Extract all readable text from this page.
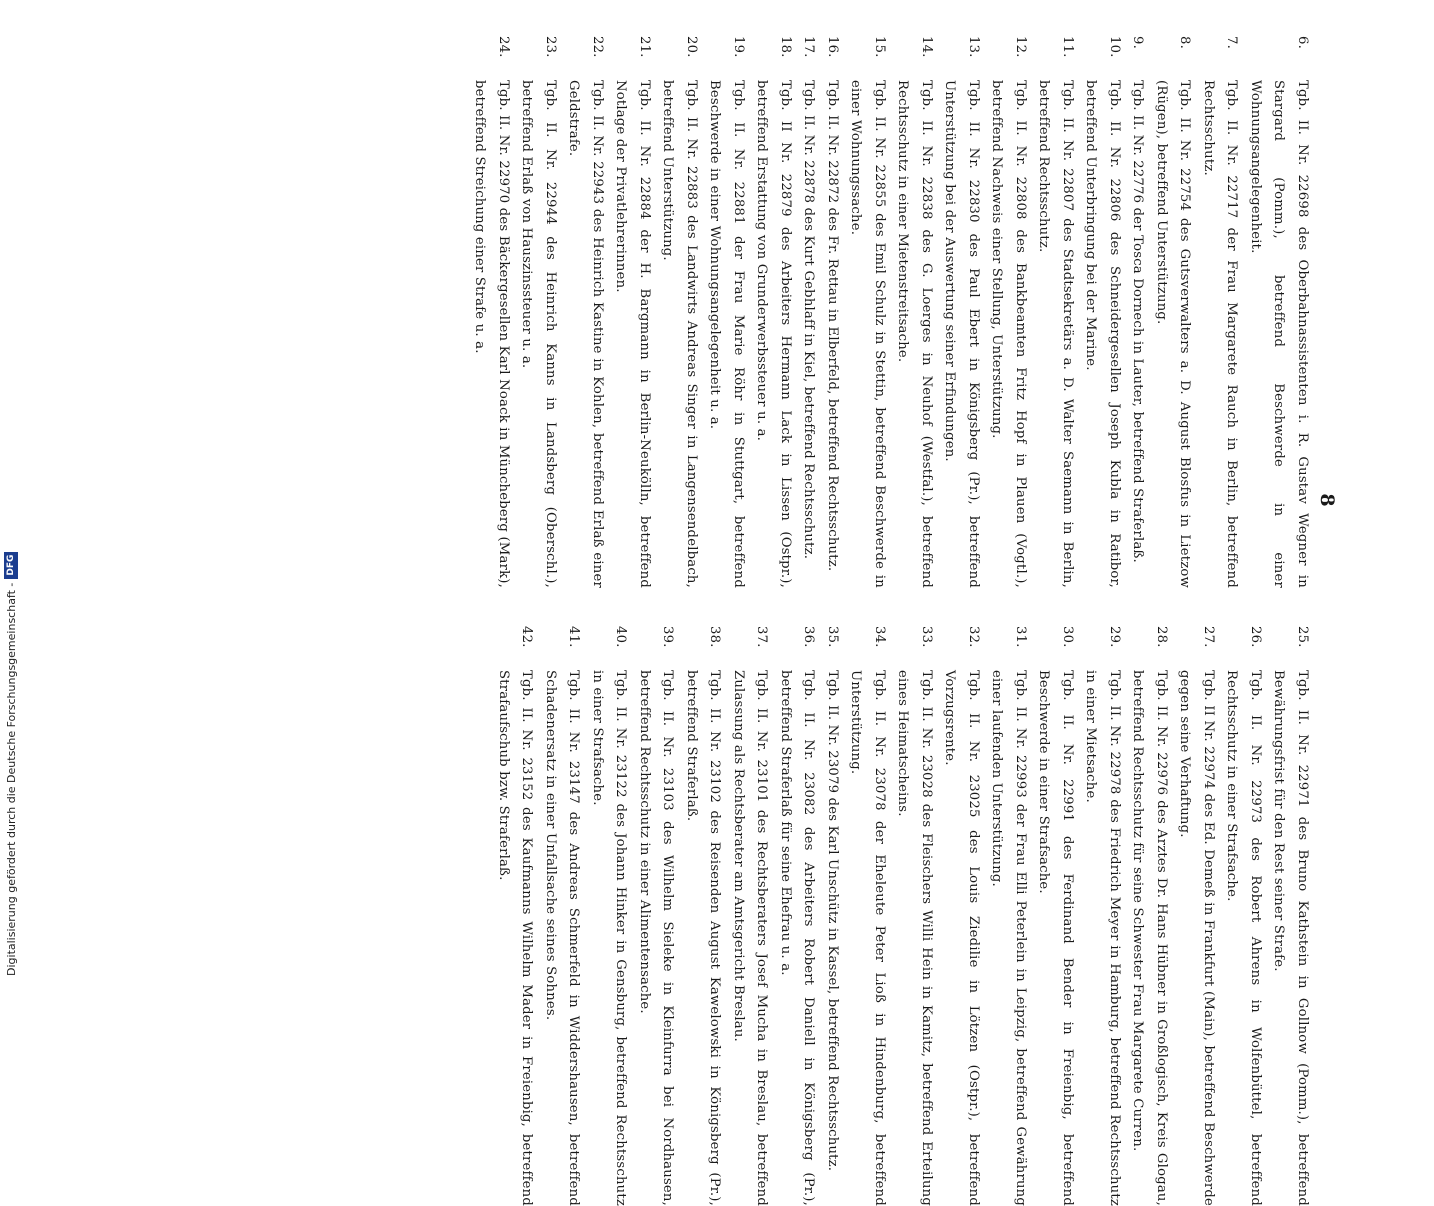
8
6.
Tgb. II. Nr. 22698 des Oberbahnassistenten i. R. Gustav Wegner in Stargard (Pomm.), betreffend Beschwerde in einer Wohnungsangelegenheit.
7.
Tgb. II. Nr. 22717 der Frau Margarete Rauch in Berlin, betreffend Rechtsschutz.
8.
Tgb. II. Nr. 22754 des Gutsverwalters a. D. August Blosfus in Lietzow (Rügen), betreffend Unterstützung.
9.
Tgb. II. Nr. 22776 der Tosca Dornech in Lauter, betreffend Straferlaß.
10.
Tgb. II. Nr. 22806 des Schneidergesellen Joseph Kubla in Ratibor, betreffend Unterbringung bei der Marine.
11.
Tgb. II. Nr. 22807 des Stadtsekretärs a. D. Walter Saemann in Berlin, betreffend Rechtsschutz.
12.
Tgb. II. Nr. 22808 des Bankbeamten Fritz Hopf in Plauen (Vogtl.), betreffend Nachweis einer Stellung, Unterstützung.
13.
Tgb. II. Nr. 22830 des Paul Ebert in Königsberg (Pr.), betreffend Unterstützung bei der Auswertung seiner Erfindungen.
14.
Tgb. II. Nr. 22838 des G. Loerges in Neuhof (Westfal.), betreffend Rechtsschutz in einer Mietenstreitsache.
15.
Tgb. II. Nr. 22855 des Emil Schulz in Stettin, betreffend Beschwerde in einer Wohnungssache.
16.
Tgb. II. Nr. 22872 des Fr. Rettau in Elberfeld, betreffend Rechtsschutz.
17.
Tgb. II. Nr. 22878 des Kurt Gebhlaff in Kiel, betreffend Rechtsschutz.
18.
Tgb. II Nr. 22879 des Arbeiters Hermann Lack in Lissen (Ostpr.), betreffend Erstattung von Grunderwerbssteuer u. a.
19.
Tgb. II. Nr. 22881 der Frau Marie Röhr in Stuttgart, betreffend Beschwerde in einer Wohnungsangelegenheit u. a.
20.
Tgb. II. Nr. 22883 des Landwirts Andreas Singer in Langensendelbach, betreffend Unterstützung.
21.
Tgb. II. Nr. 22884 der H. Bargmann in Berlin-Neukölln, betreffend Notlage der Privatlehrerinnen.
22.
Tgb. II. Nr. 22943 des Heinrich Kastine in Kohlen, betreffend Erlaß einer Geldstrafe.
23.
Tgb. II. Nr. 22944 des Heinrich Kanns in Landsberg (Oberschl.), betreffend Erlaß von Hauszinssteuer u. a.
24.
Tgb. II. Nr. 22970 des Bäckergesellen Karl Noack in Müncheberg (Mark), betreffend Streichung einer Strafe u. a.
25.
Tgb. II. Nr. 22971 des Bruno Kathstein in Gollnow (Pomm.), betreffend Bewährungsfrist für den Rest seiner Strafe.
26.
Tgb. II. Nr. 22973 des Robert Ahrens in Wolfenbüttel, betreffend Rechtsschutz in einer Strafsache.
27.
Tgb. II Nr. 22974 des Ed. Demeß in Frankfurt (Main), betreffend Beschwerde gegen seine Verhaftung.
28.
Tgb. II. Nr. 22976 des Arztes Dr. Hans Hübner in Großlogisch, Kreis Glogau, betreffend Rechtsschutz für seine Schwester Frau Margarete Curren.
29.
Tgb. II. Nr. 22978 des Friedrich Meyer in Hamburg, betreffend Rechtsschutz in einer Mietsache.
30.
Tgb. II. Nr. 22991 des Ferdinand Bender in Freienbig, betreffend Beschwerde in einer Strafsache.
31.
Tgb. II. Nr. 22993 der Frau Elli Peterlein in Leipzig, betreffend Gewährung einer laufenden Unterstützung.
32.
Tgb. II. Nr. 23025 des Louis Ziedilie in Lötzen (Ostpr.), betreffend Vorzugsrente.
33.
Tgb. II. Nr. 23028 des Fleischers Willi Hein in Kamitz, betreffend Erteilung eines Heimatscheins.
34.
Tgb. II. Nr. 23078 der Eheleute Peter Lioß in Hindenburg, betreffend Unterstützung.
35.
Tgb. II. Nr. 23079 des Karl Unschütz in Kassel, betreffend Rechtsschutz.
36.
Tgb. II. Nr. 23082 des Arbeiters Robert Daniell in Königsberg (Pr.), betreffend Straferlaß für seine Ehefrau u. a.
37.
Tgb. II. Nr. 23101 des Rechtsberaters Josef Mucha in Breslau, betreffend Zulassung als Rechtsberater am Amtsgericht Breslau.
38.
Tgb. II. Nr. 23102 des Reisenden August Kawelowski in Königsberg (Pr.), betreffend Straferlaß.
39.
Tgb. II. Nr. 23103 des Wilhelm Sieleke in Kleinfurra bei Nordhausen, betreffend Rechtsschutz in einer Alimentensache.
40.
Tgb. II. Nr. 23122 des Johann Hinker in Gensburg, betreffend Rechtsschutz in einer Strafsache.
41.
Tgb. II. Nr. 23147 des Andreas Schmerfeld in Widdershausen, betreffend Schadenersatz in einer Unfallsache seines Sohnes.
42.
Tgb. II. Nr. 23152 des Kaufmanns Wilhelm Mader in Freienbig, betreffend Strafaufschub bzw. Straferlaß.
Digitalisierung gefördert durch die Deutsche Forschungsgemeinschaft -
DFG
